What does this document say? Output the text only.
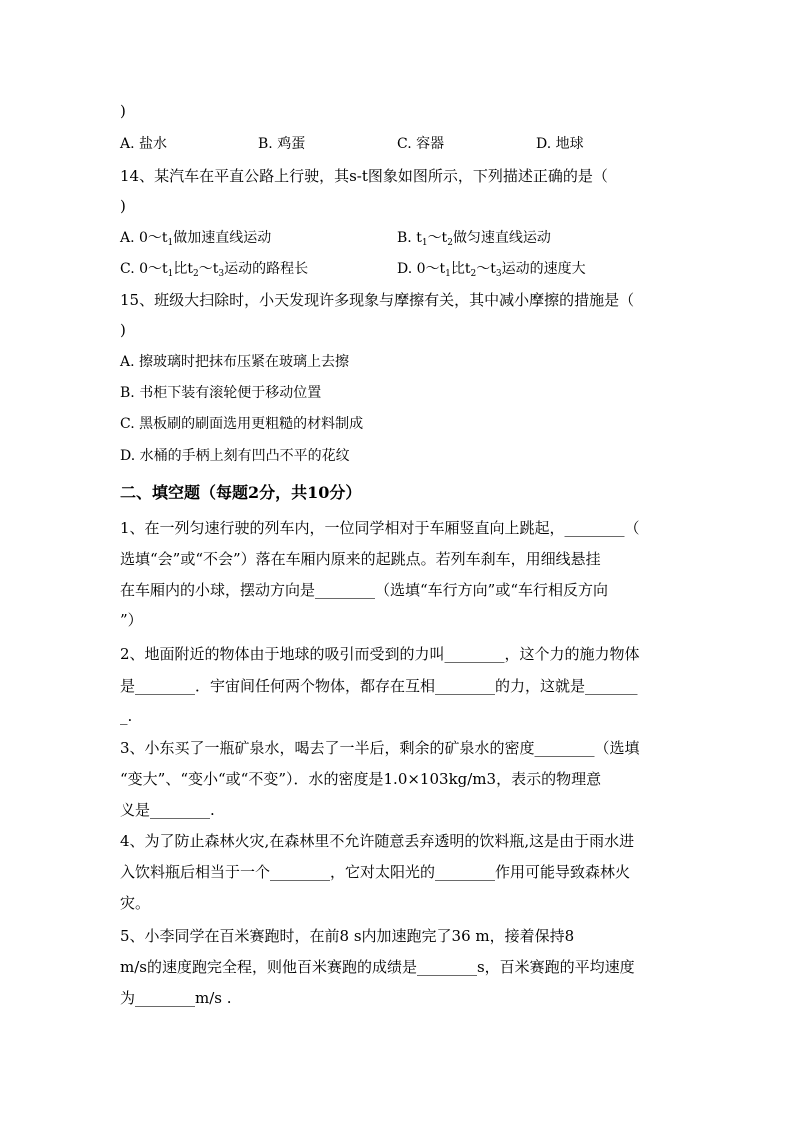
)
A. 盐水	B. 鸡蛋	C. 容器	D. 地球
14、某汽车在平直公路上行驶，其s-t图象如图所示，下列描述正确的是（
)
A. $0\sim t_1$做加速直线运动	B. $t_1\sim t_2$做匀速直线运动
C. $0\sim t_1$比$t_2\sim t_3$运动的路程长	D. $0\sim t_1$比$t_2\sim t_3$运动的速度大
15、班级大扫除时，小天发现许多现象与摩擦有关，其中减小摩擦的措施是（
)
A. 擦玻璃时把抹布压紧在玻璃上去擦
B. 书柜下装有滚轮便于移动位置
C. 黑板刷的刷面选用更粗糙的材料制成
D. 水桶的手柄上刻有凹凸不平的花纹
二、填空题（每题2分，共10分）
1、在一列匀速行驶的列车内，一位同学相对于车厢竖直向上跳起，________（
选填“会”或“不会”）落在车厢内原来的起跳点。若列车刹车，用细线悬挂
在车厢内的小球，摆动方向是________（选填“车行方向”或“车行相反方向
”）
2、地面附近的物体由于地球的吸引而受到的力叫________，这个力的施力物体
是________．宇宙间任何两个物体，都存在互相________的力，这就是_______
_.
3、小东买了一瓶矿泉水，喝去了一半后，剩余的矿泉水的密度________（选填
“变大”、“变小“或“不变”）．水的密度是1.0×103kg/m3，表示的物理意
义是________.
4、为了防止森林火灾,在森林里不允许随意丢弃透明的饮料瓶,这是由于雨水进
入饮料瓶后相当于一个________，它对太阳光的________作用可能导致森林火
灾。
5、小李同学在百米赛跑时，在前8 s内加速跑完了36 m，接着保持8
m/s的速度跑完全程，则他百米赛跑的成绩是________s，百米赛跑的平均速度
为________m/s .
